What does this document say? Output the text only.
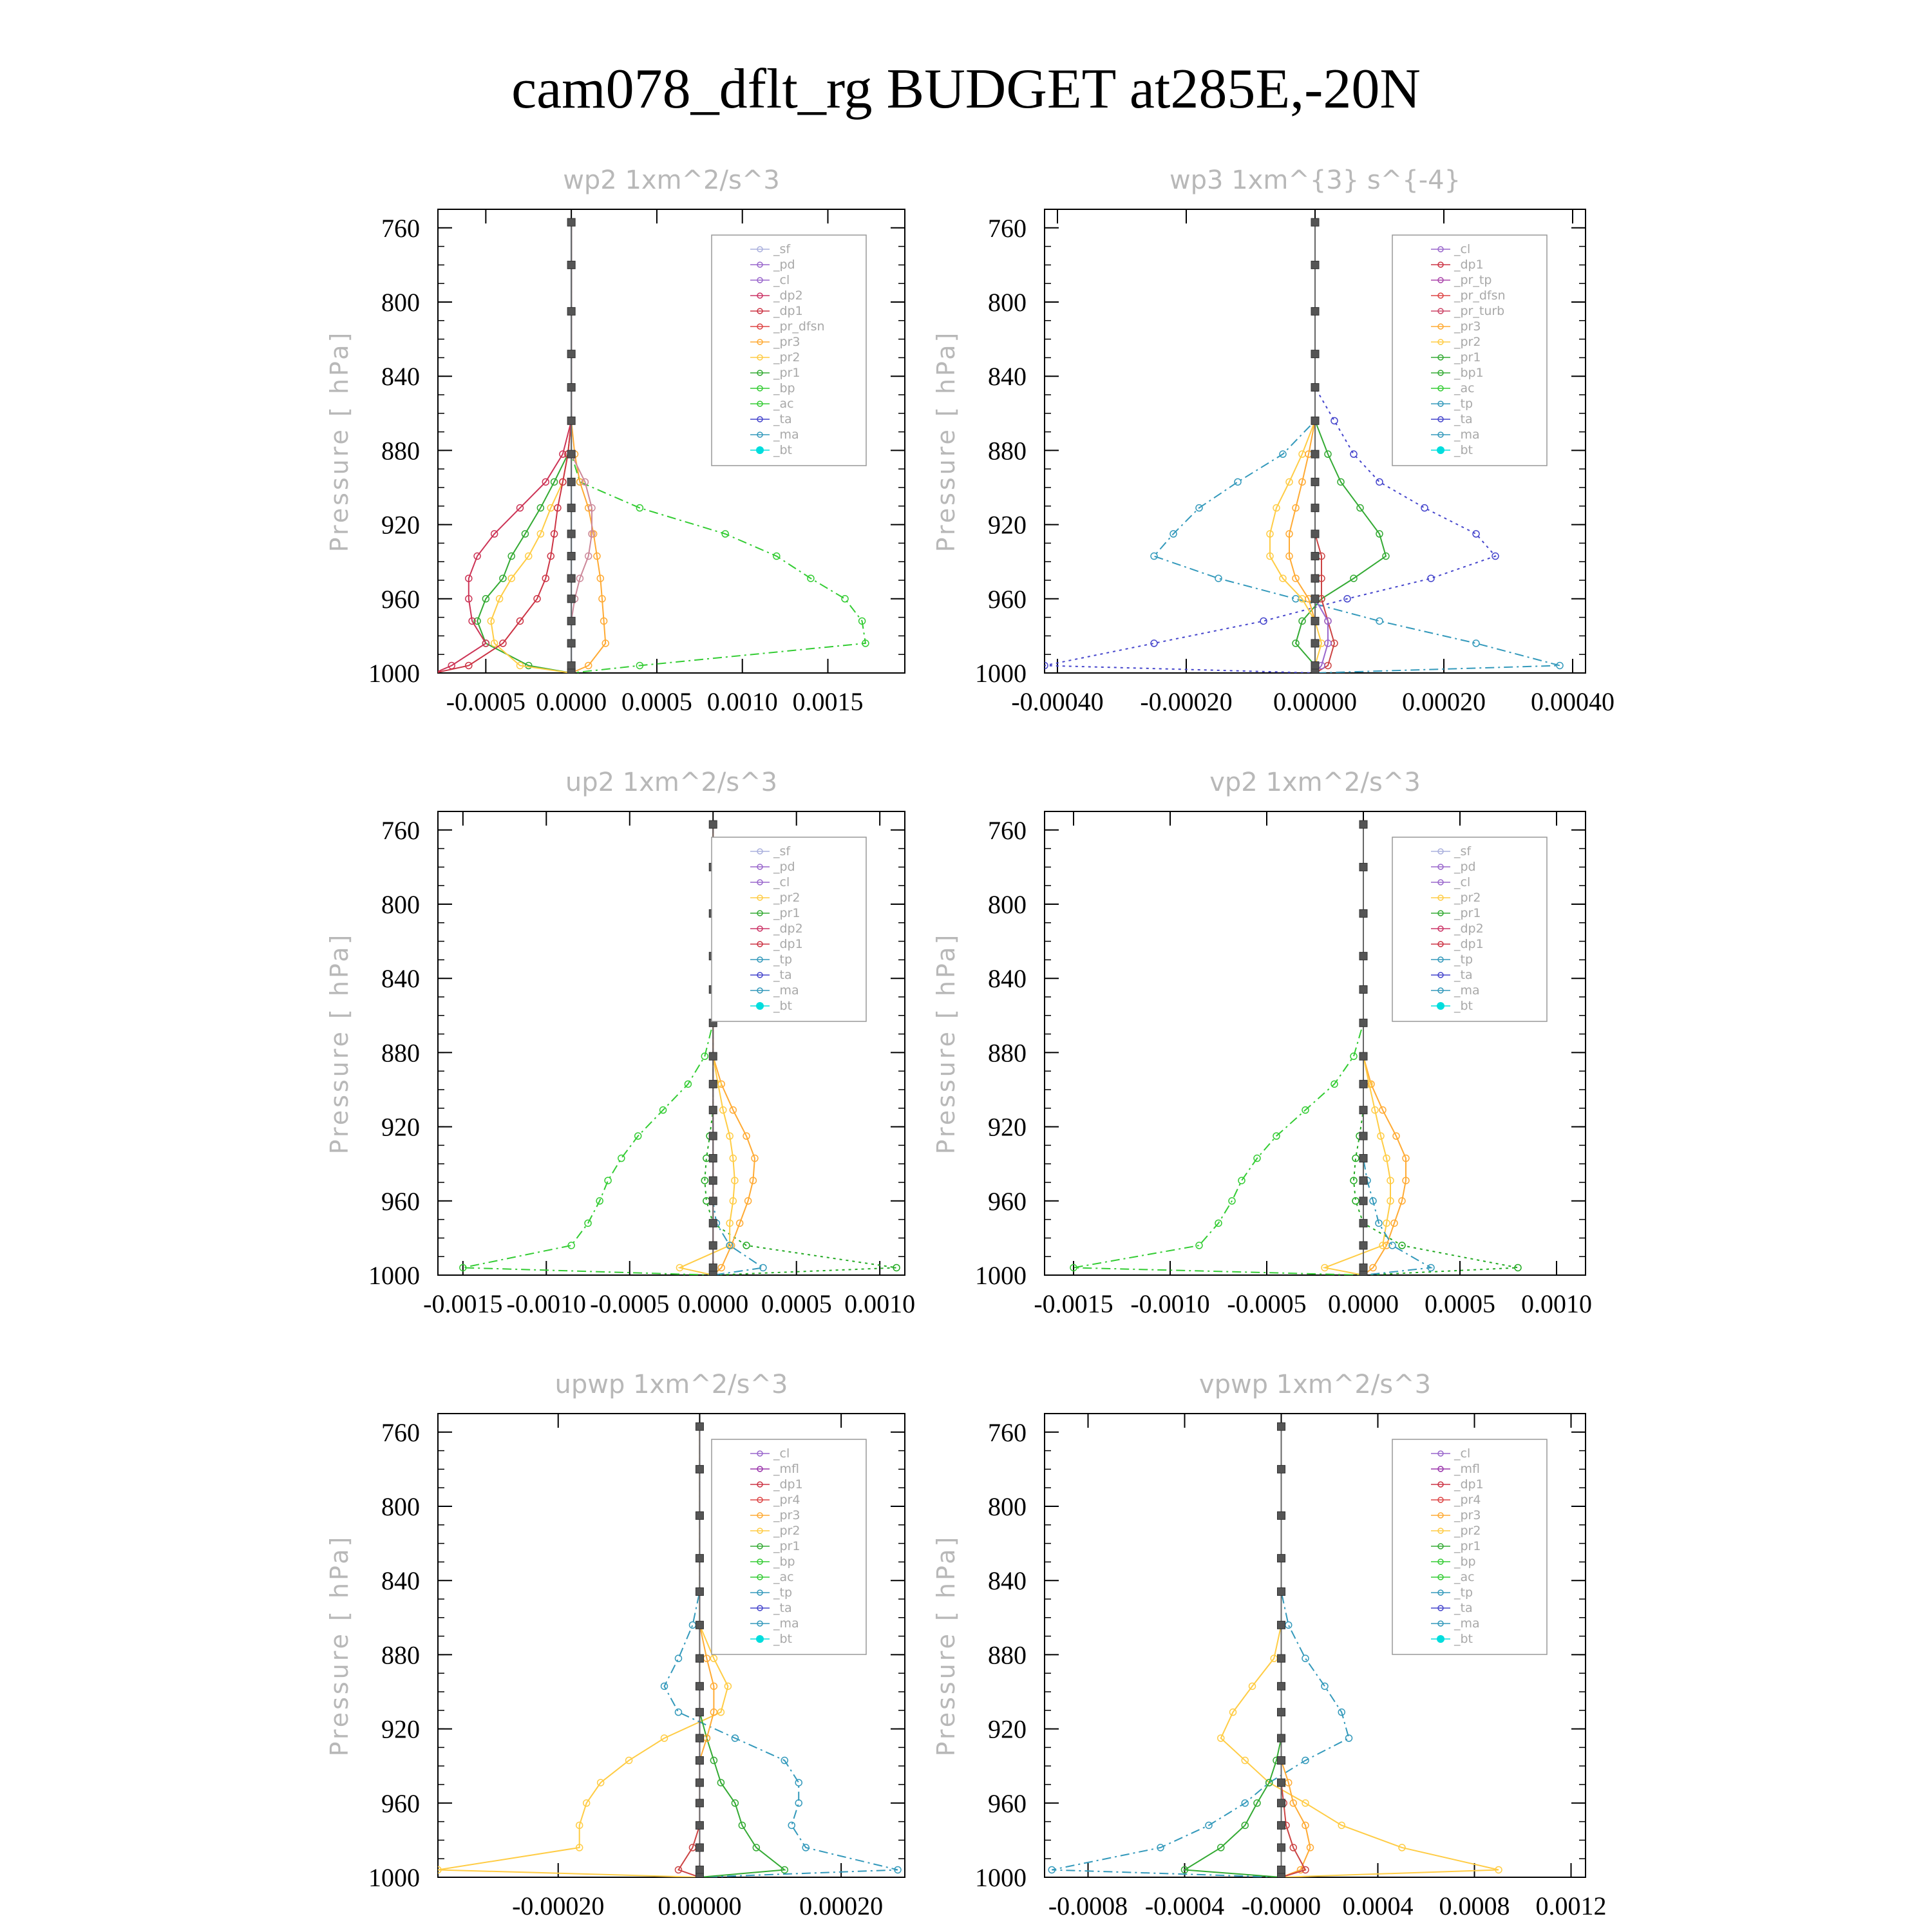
cam078_dflt_rg BUDGET at285E,-20N
wp2 1xm^2/s^3
Pressure [ hPa]
760
800
840
880
920
960
1000
-0.0005 0.0000 0.0005 0.0010 0.0015
_sf
_pd
_cl
_dp2
_dp1
_pr_dfsn
_pr3
_pr2
_pr1
_bp
_ac
_ta
_ma
_bt
wp3 1xm^{3} s^{-4}
Pressure [ hPa]
760
800
840
880
920
960
1000
-0.00040 -0.00020 0.00000 0.00020 0.00040
_cl
_dp1
_pr_tp
_pr_dfsn
_pr_turb
_pr3
_pr2
_pr1
_bp1
_ac
_tp
_ta
_ma
_bt
up2 1xm^2/s^3
Pressure [ hPa]
760
800
840
880
920
960
1000
-0.0015 -0.0010 -0.0005 0.0000 0.0005 0.0010
_sf
_pd
_cl
_pr2
_pr1
_dp2
_dp1
_tp
_ta
_ma
_bt
vp2 1xm^2/s^3
Pressure [ hPa]
760
800
840
880
920
960
1000
-0.0015 -0.0010 -0.0005 0.0000 0.0005 0.0010
_sf
_pd
_cl
_pr2
_pr1
_dp2
_dp1
_tp
_ta
_ma
_bt
upwp 1xm^2/s^3
Pressure [ hPa]
760
800
840
880
920
960
1000
-0.00020 0.00000 0.00020
_cl
_mfl
_dp1
_pr4
_pr3
_pr2
_pr1
_bp
_ac
_tp
_ta
_ma
_bt
vpwp 1xm^2/s^3
Pressure [ hPa]
760
800
840
880
920
960
1000
-0.0008 -0.0004 -0.0000 0.0004 0.0008 0.0012
_cl
_mfl
_dp1
_pr4
_pr3
_pr2
_pr1
_bp
_ac
_tp
_ta
_ma
_bt
